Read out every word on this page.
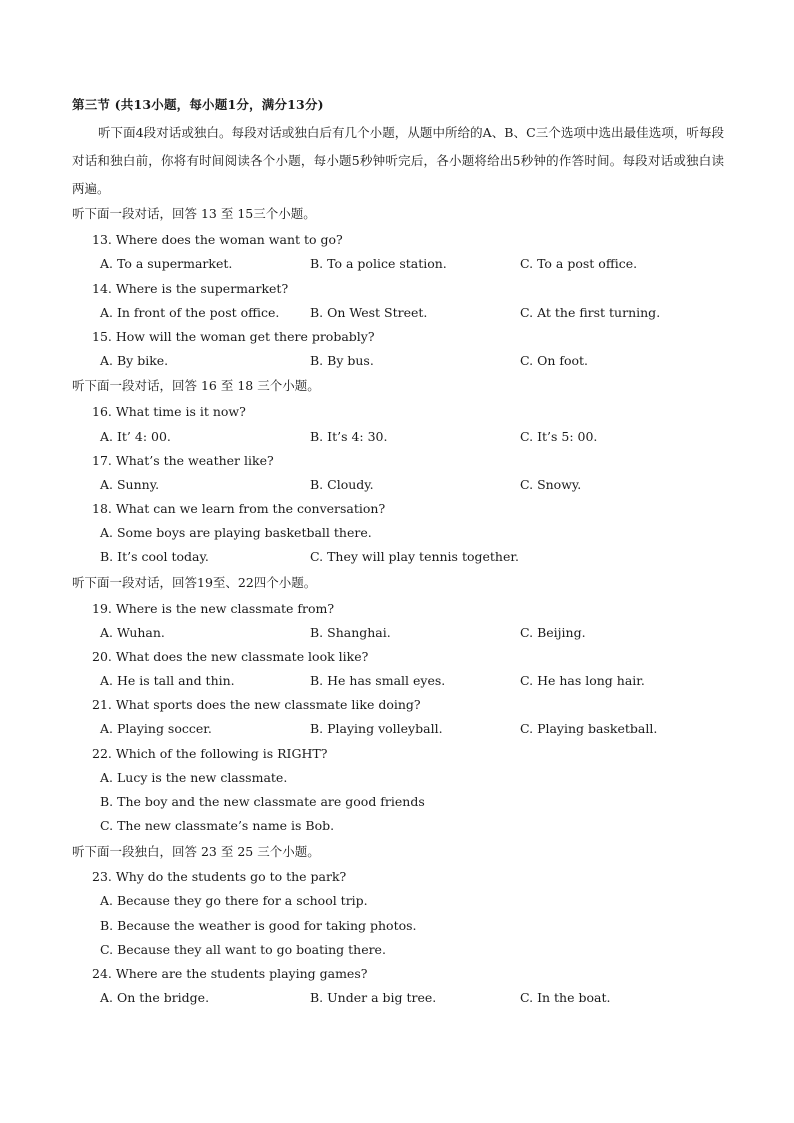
第三节 (共13小题，每小题1分，满分13分)
听下面4段对话或独白。每段对话或独白后有几个小题，从题中所给的A、B、C三个选项中选出最佳选项，听每段对话和独白前，你将有时间阅读各个小题，每小题5秒钟听完后，各小题将给出5秒钟的作答时间。每段对话或独白读两遍。
听下面一段对话，回答 13 至 15三个小题。
13. Where does the woman want to go?
A. To a supermarket.	B. To a police station.	C. To a post office.
14. Where is the supermarket?
A. In front of the post office. B. On West Street.	C. At the first turning.
15. How will the woman get there probably?
A. By bike.	B. By bus.	C. On foot.
听下面一段对话，回答 16 至 18 三个小题。
16. What time is it now?
A. It’ 4: 00.	B. It’s 4: 30.	C. It’s 5: 00.
17. What’s the weather like?
A. Sunny.	B. Cloudy.	C. Snowy.
18. What can we learn from the conversation?
A. Some boys are playing basketball there.
B. It’s cool today.	C. They will play tennis together.
听下面一段对话，回答19至、22四个小题。
19. Where is the new classmate from?
A. Wuhan.	B. Shanghai.	C. Beijing.
20. What does the new classmate look like?
A. He is tall and thin.	B. He has small eyes.	C. He has long hair.
21. What sports does the new classmate like doing?
A. Playing soccer.	B. Playing volleyball.	C. Playing basketball.
22. Which of the following is RIGHT?
A. Lucy is the new classmate.
B. The boy and the new classmate are good friends
C. The new classmate’s name is Bob.
听下面一段独白，回答 23 至 25 三个小题。
23. Why do the students go to the park?
A. Because they go there for a school trip.
B. Because the weather is good for taking photos.
C. Because they all want to go boating there.
24. Where are the students playing games?
A. On the bridge.	B. Under a big tree.	C. In the boat.
